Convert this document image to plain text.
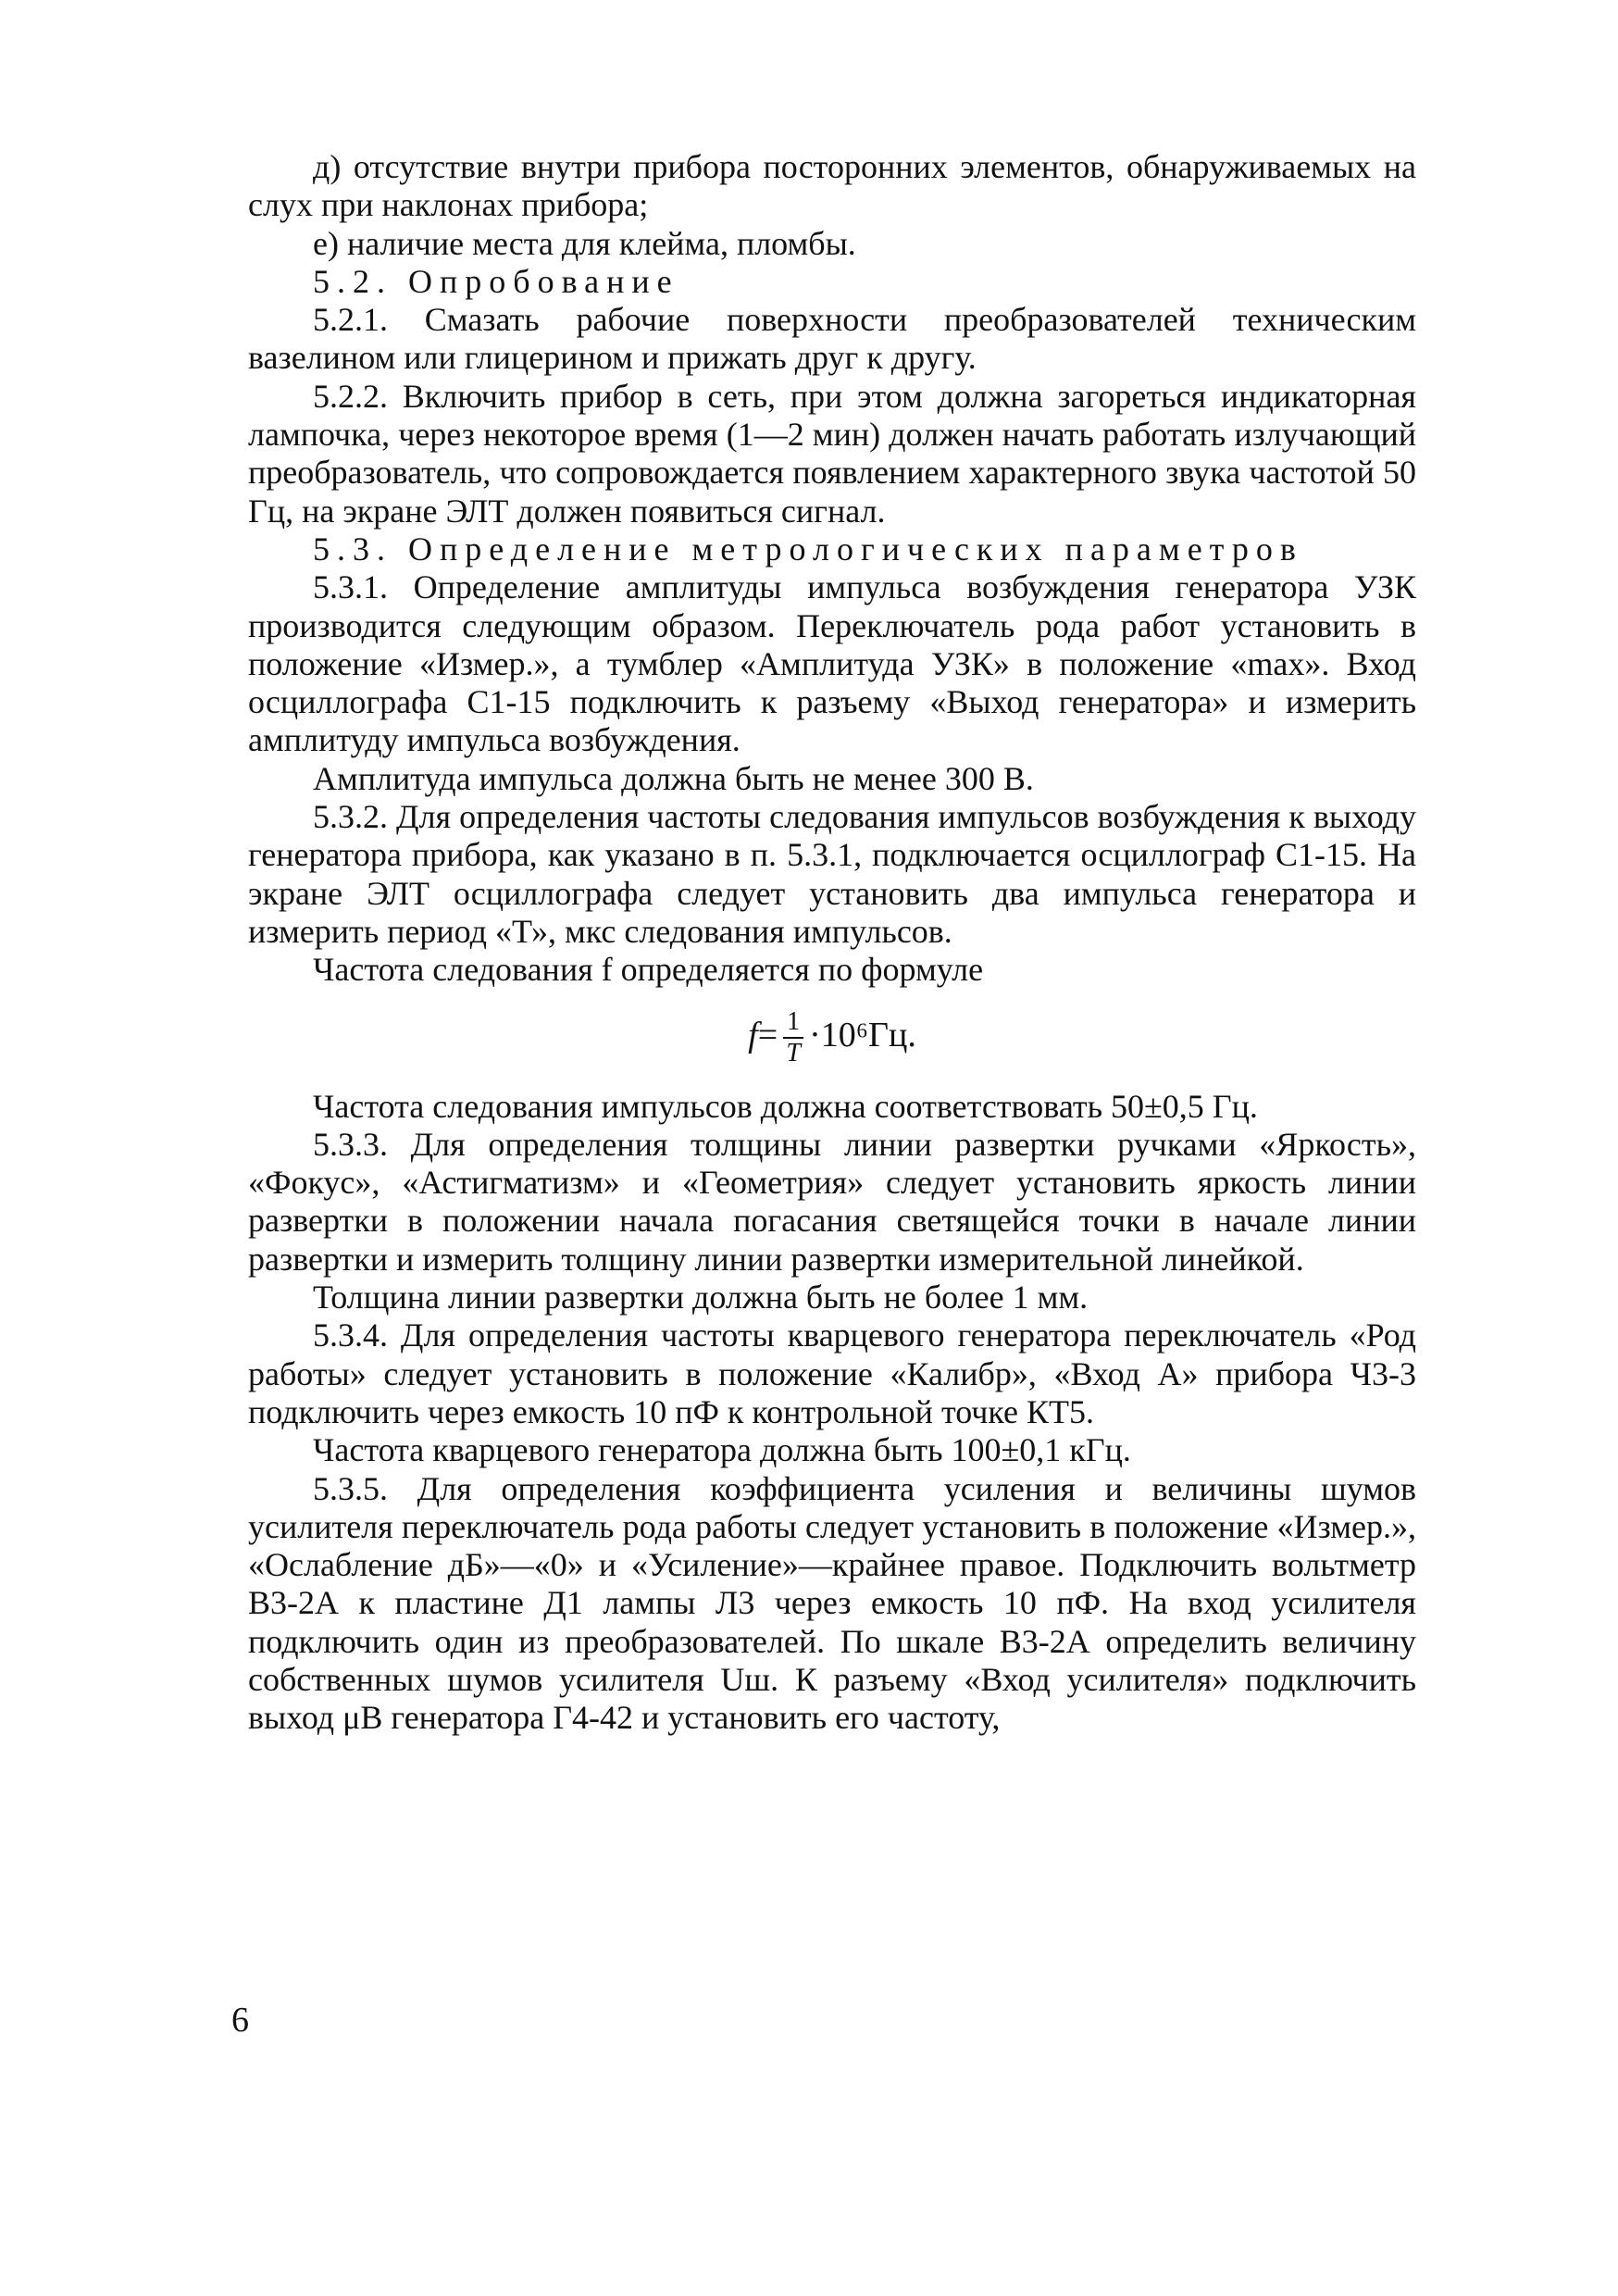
д) отсутствие внутри прибора посторонних элементов, обнаруживаемых на слух при наклонах прибора;

е) наличие места для клейма, пломбы.

5.2. Опробование

5.2.1. Смазать рабочие поверхности преобразователей техническим вазелином или глицерином и прижать друг к другу.

5.2.2. Включить прибор в сеть, при этом должна загореться индикаторная лампочка, через некоторое время (1—2 мин) должен начать работать излучающий преобразователь, что сопровождается появлением характерного звука частотой 50 Гц, на экране ЭЛТ должен появиться сигнал.

5.3. Определение метрологических параметров

5.3.1. Определение амплитуды импульса возбуждения генератора УЗК производится следующим образом. Переключатель рода работ установить в положение «Измер.», а тумблер «Амплитуда УЗК» в положение «max». Вход осциллографа С1-15 подключить к разъему «Выход генератора» и измерить амплитуду импульса возбуждения.

Амплитуда импульса должна быть не менее 300 В.

5.3.2. Для определения частоты следования импульсов возбуждения к выходу генератора прибора, как указано в п. 5.3.1, подключается осциллограф С1-15. На экране ЭЛТ осциллографа следует установить два импульса генератора и измерить период «Т», мкс следования импульсов.

Частота следования f определяется по формуле

$f= \frac{1}{T} \cdot 10^6Гц$.

Частота следования импульсов должна соответствовать 50±0,5 Гц.

5.3.3. Для определения толщины линии развертки ручками «Яркость», «Фокус», «Астигматизм» и «Геометрия» следует установить яркость линии развертки в положении начала погасания светящейся точки в начале линии развертки и измерить толщину линии развертки измерительной линейкой.

Толщина линии развертки должна быть не более 1 мм.

5.3.4. Для определения частоты кварцевого генератора переключатель «Род работы» следует установить в положение «Калибр», «Вход А» прибора Ч3-3 подключить через емкость 10 пФ к контрольной точке КТ5.

Частота кварцевого генератора должна быть 100±0,1 кГц.

5.3.5. Для определения коэффициента усиления и величины шумов усилителя переключатель рода работы следует установить в положение «Измер.», «Ослабление дБ»—«0» и «Усиление»—крайнее правое. Подключить вольтметр В3-2А к пластине Д1 лампы Л3 через емкость 10 пФ. На вход усилителя подключить один из преобразователей. По шкале В3-2А определить величину собственных шумов усилителя Uш. К разъему «Вход усилителя» подключить выход μВ генератора Г4-42 и установить его частоту,

6
